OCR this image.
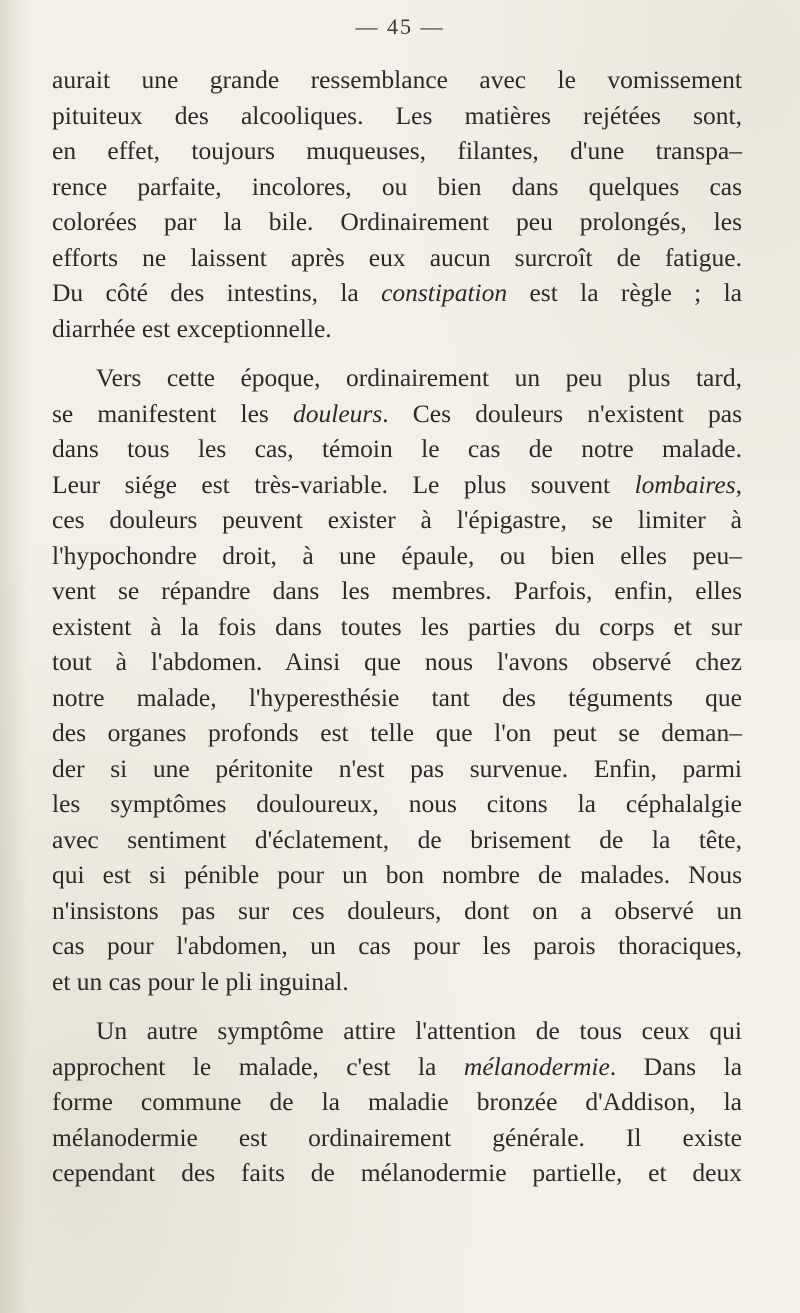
— 45 —
aurait une grande ressemblance avec le vomissement
pituiteux des alcooliques. Les matières rejétées sont,
en effet, toujours muqueuses, filantes, d'une transpa–
rence parfaite, incolores, ou bien dans quelques cas
colorées par la bile. Ordinairement peu prolongés, les
efforts ne laissent après eux aucun surcroît de fatigue.
Du côté des intestins, la constipation est la règle ; la
diarrhée est exceptionnelle.
Vers cette époque, ordinairement un peu plus tard,
se manifestent les douleurs. Ces douleurs n'existent pas
dans tous les cas, témoin le cas de notre malade.
Leur siége est très-variable. Le plus souvent lombaires,
ces douleurs peuvent exister à l'épigastre, se limiter à
l'hypochondre droit, à une épaule, ou bien elles peu–
vent se répandre dans les membres. Parfois, enfin, elles
existent à la fois dans toutes les parties du corps et sur
tout à l'abdomen. Ainsi que nous l'avons observé chez
notre malade, l'hyperesthésie tant des téguments que
des organes profonds est telle que l'on peut se deman–
der si une péritonite n'est pas survenue. Enfin, parmi
les symptômes douloureux, nous citons la céphalalgie
avec sentiment d'éclatement, de brisement de la tête,
qui est si pénible pour un bon nombre de malades. Nous
n'insistons pas sur ces douleurs, dont on a observé un
cas pour l'abdomen, un cas pour les parois thoraciques,
et un cas pour le pli inguinal.
Un autre symptôme attire l'attention de tous ceux qui
approchent le malade, c'est la mélanodermie. Dans la
forme commune de la maladie bronzée d'Addison, la
mélanodermie est ordinairement générale. Il existe
cependant des faits de mélanodermie partielle, et deux
